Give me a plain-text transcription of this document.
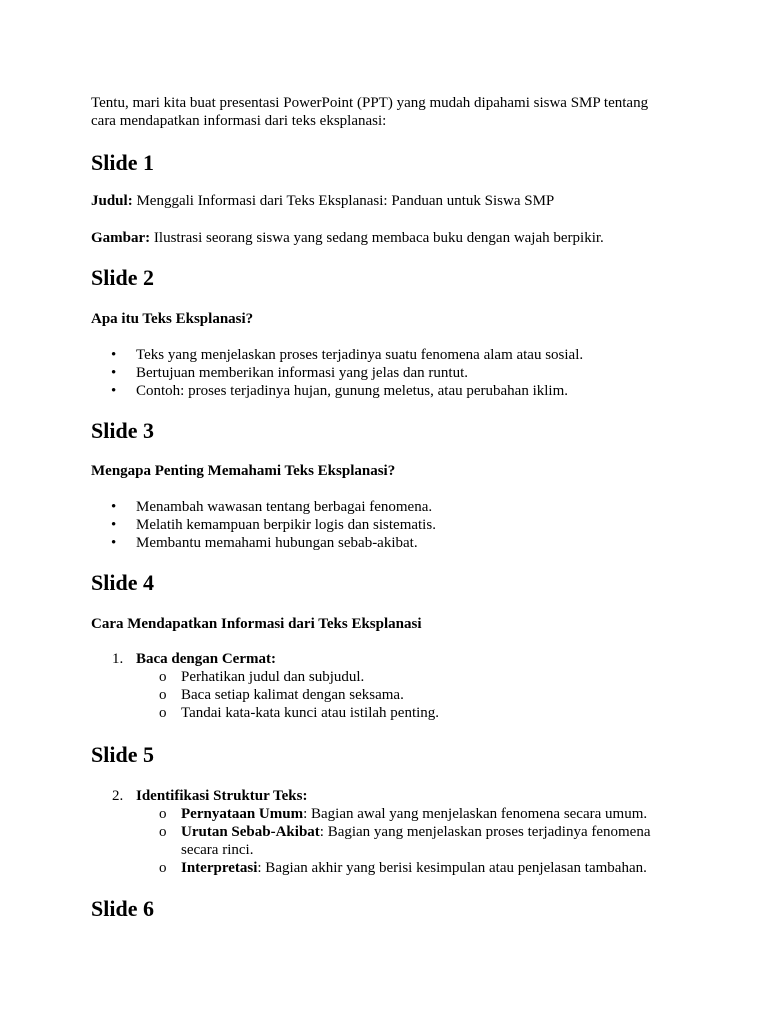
Tentu, mari kita buat presentasi PowerPoint (PPT) yang mudah dipahami siswa SMP tentang cara mendapatkan informasi dari teks eksplanasi:

Slide 1

Judul: Menggali Informasi dari Teks Eksplanasi: Panduan untuk Siswa SMP

Gambar: Ilustrasi seorang siswa yang sedang membaca buku dengan wajah berpikir.

Slide 2

Apa itu Teks Eksplanasi?

• Teks yang menjelaskan proses terjadinya suatu fenomena alam atau sosial.
• Bertujuan memberikan informasi yang jelas dan runtut.
• Contoh: proses terjadinya hujan, gunung meletus, atau perubahan iklim.
Slide 3

Mengapa Penting Memahami Teks Eksplanasi?

• Menambah wawasan tentang berbagai fenomena.
• Melatih kemampuan berpikir logis dan sistematis.
• Membantu memahami hubungan sebab-akibat.
Slide 4

Cara Mendapatkan Informasi dari Teks Eksplanasi

1. Baca dengan Cermat:
o Perhatikan judul dan subjudul.
o Baca setiap kalimat dengan seksama.
o Tandai kata-kata kunci atau istilah penting.
Slide 5
2. Identifikasi Struktur Teks:
o Pernyataan Umum: Bagian awal yang menjelaskan fenomena secara umum.
o Urutan Sebab-Akibat: Bagian yang menjelaskan proses terjadinya fenomena secara rinci.
o Interpretasi: Bagian akhir yang berisi kesimpulan atau penjelasan tambahan.
Slide 6
